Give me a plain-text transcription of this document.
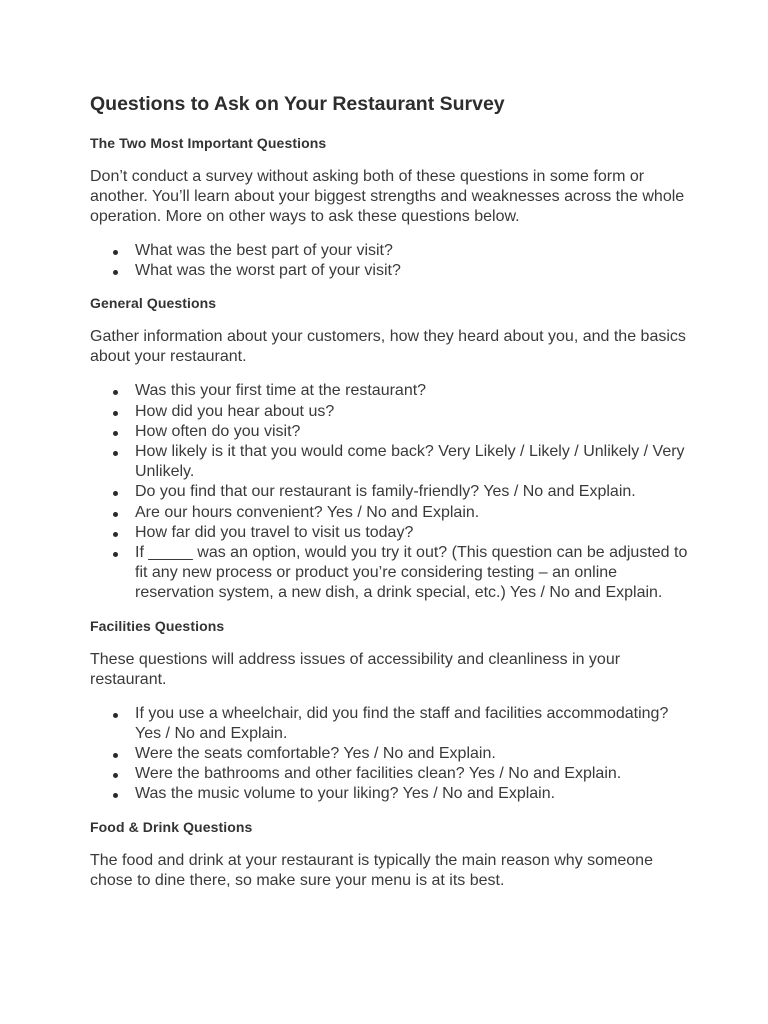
Questions to Ask on Your Restaurant Survey
The Two Most Important Questions

Don’t conduct a survey without asking both of these questions in some form or another. You’ll learn about your biggest strengths and weaknesses across the whole operation. More on other ways to ask these questions below.

What was the best part of your visit?
What was the worst part of your visit?
General Questions

Gather information about your customers, how they heard about you, and the basics about your restaurant.

Was this your first time at the restaurant?
How did you hear about us?
How often do you visit?
How likely is it that you would come back? Very Likely / Likely / Unlikely / Very Unlikely.
Do you find that our restaurant is family-friendly? Yes / No and Explain.
Are our hours convenient? Yes / No and Explain.
How far did you travel to visit us today?
If _____ was an option, would you try it out? (This question can be adjusted to fit any new process or product you’re considering testing – an online reservation system, a new dish, a drink special, etc.) Yes / No and Explain.
Facilities Questions

These questions will address issues of accessibility and cleanliness in your restaurant.

If you use a wheelchair, did you find the staff and facilities accommodating? Yes / No and Explain.
Were the seats comfortable? Yes / No and Explain.
Were the bathrooms and other facilities clean? Yes / No and Explain.
Was the music volume to your liking? Yes / No and Explain.
Food & Drink Questions

The food and drink at your restaurant is typically the main reason why someone chose to dine there, so make sure your menu is at its best.
